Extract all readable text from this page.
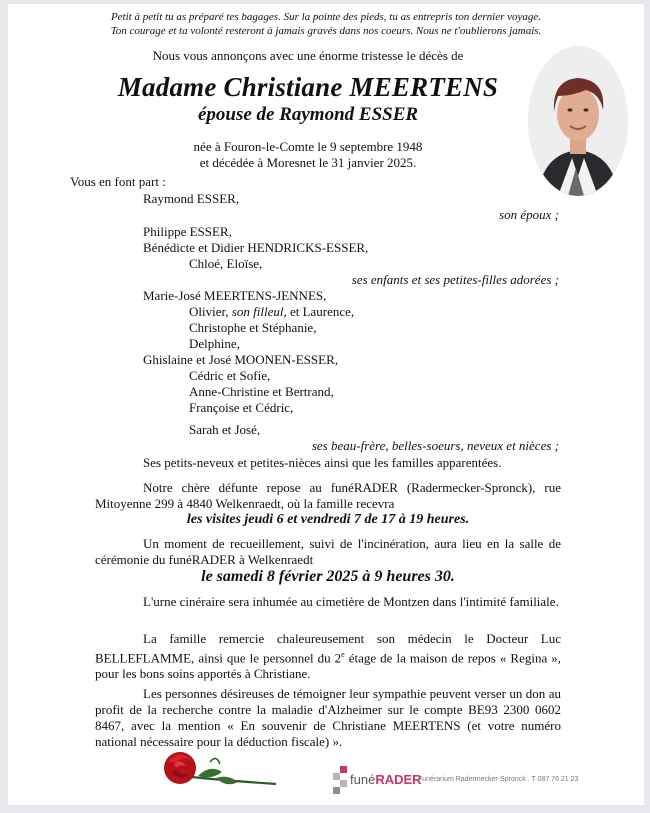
Petit à petit tu as préparé tes bagages. Sur la pointe des pieds, tu as entrepris ton dernier voyage.
Ton courage et ta volonté resteront à jamais gravés dans nos coeurs. Nous ne t'oublierons jamais.
Nous vous annonçons avec une énorme tristesse le décès de
Madame Christiane MEERTENS
épouse de Raymond ESSER
née à Fouron-le-Comte le 9 septembre 1948
et décédée à Moresnet le 31 janvier 2025.
Vous en font part :
Raymond ESSER,
son époux ;
Philippe ESSER,
Bénédicte et Didier HENDRICKS-ESSER,
Chloé, Eloïse,
ses enfants et ses petites-filles adorées ;
Marie-José MEERTENS-JENNES,
Olivier, son filleul, et Laurence,
Christophe et Stéphanie,
Delphine,
Ghislaine et José MOONEN-ESSER,
Cédric et Sofie,
Anne-Christine et Bertrand,
Françoise et Cédric,
Sarah et José,
ses beau-frère, belles-soeurs, neveux et nièces ;
Ses petits-neveux et petites-nièces ainsi que les familles apparentées.
Notre chère défunte repose au funéRADER (Radermecker-Spronck), rue Mitoyenne 299 à 4840 Welkenraedt, où la famille recevra
les visites jeudi 6 et vendredi 7 de 17 à 19 heures.
Un moment de recueillement, suivi de l'incinération, aura lieu en la salle de cérémonie du funéRADER à Welkenraedt
le samedi 8 février 2025 à 9 heures 30.
L'urne cinéraire sera inhumée au cimetière de Montzen dans l'intimité familiale.
La famille remercie chaleureusement son médecin le Docteur Luc BELLEFLAMME, ainsi que le personnel du 2e étage de la maison de repos « Regina », pour les bons soins apportés à Christiane.
Les personnes désireuses de témoigner leur sympathie peuvent verser un don au profit de la recherche contre la maladie d'Alzheimer sur le compte BE93 2300 0602 8467, avec la mention « En souvenir de Christiane MEERTENS (et votre numéro national nécessaire pour la déduction fiscale) ».
funéRADER
Funérarium Radermecker-Spronck . T 087 76 21 23
